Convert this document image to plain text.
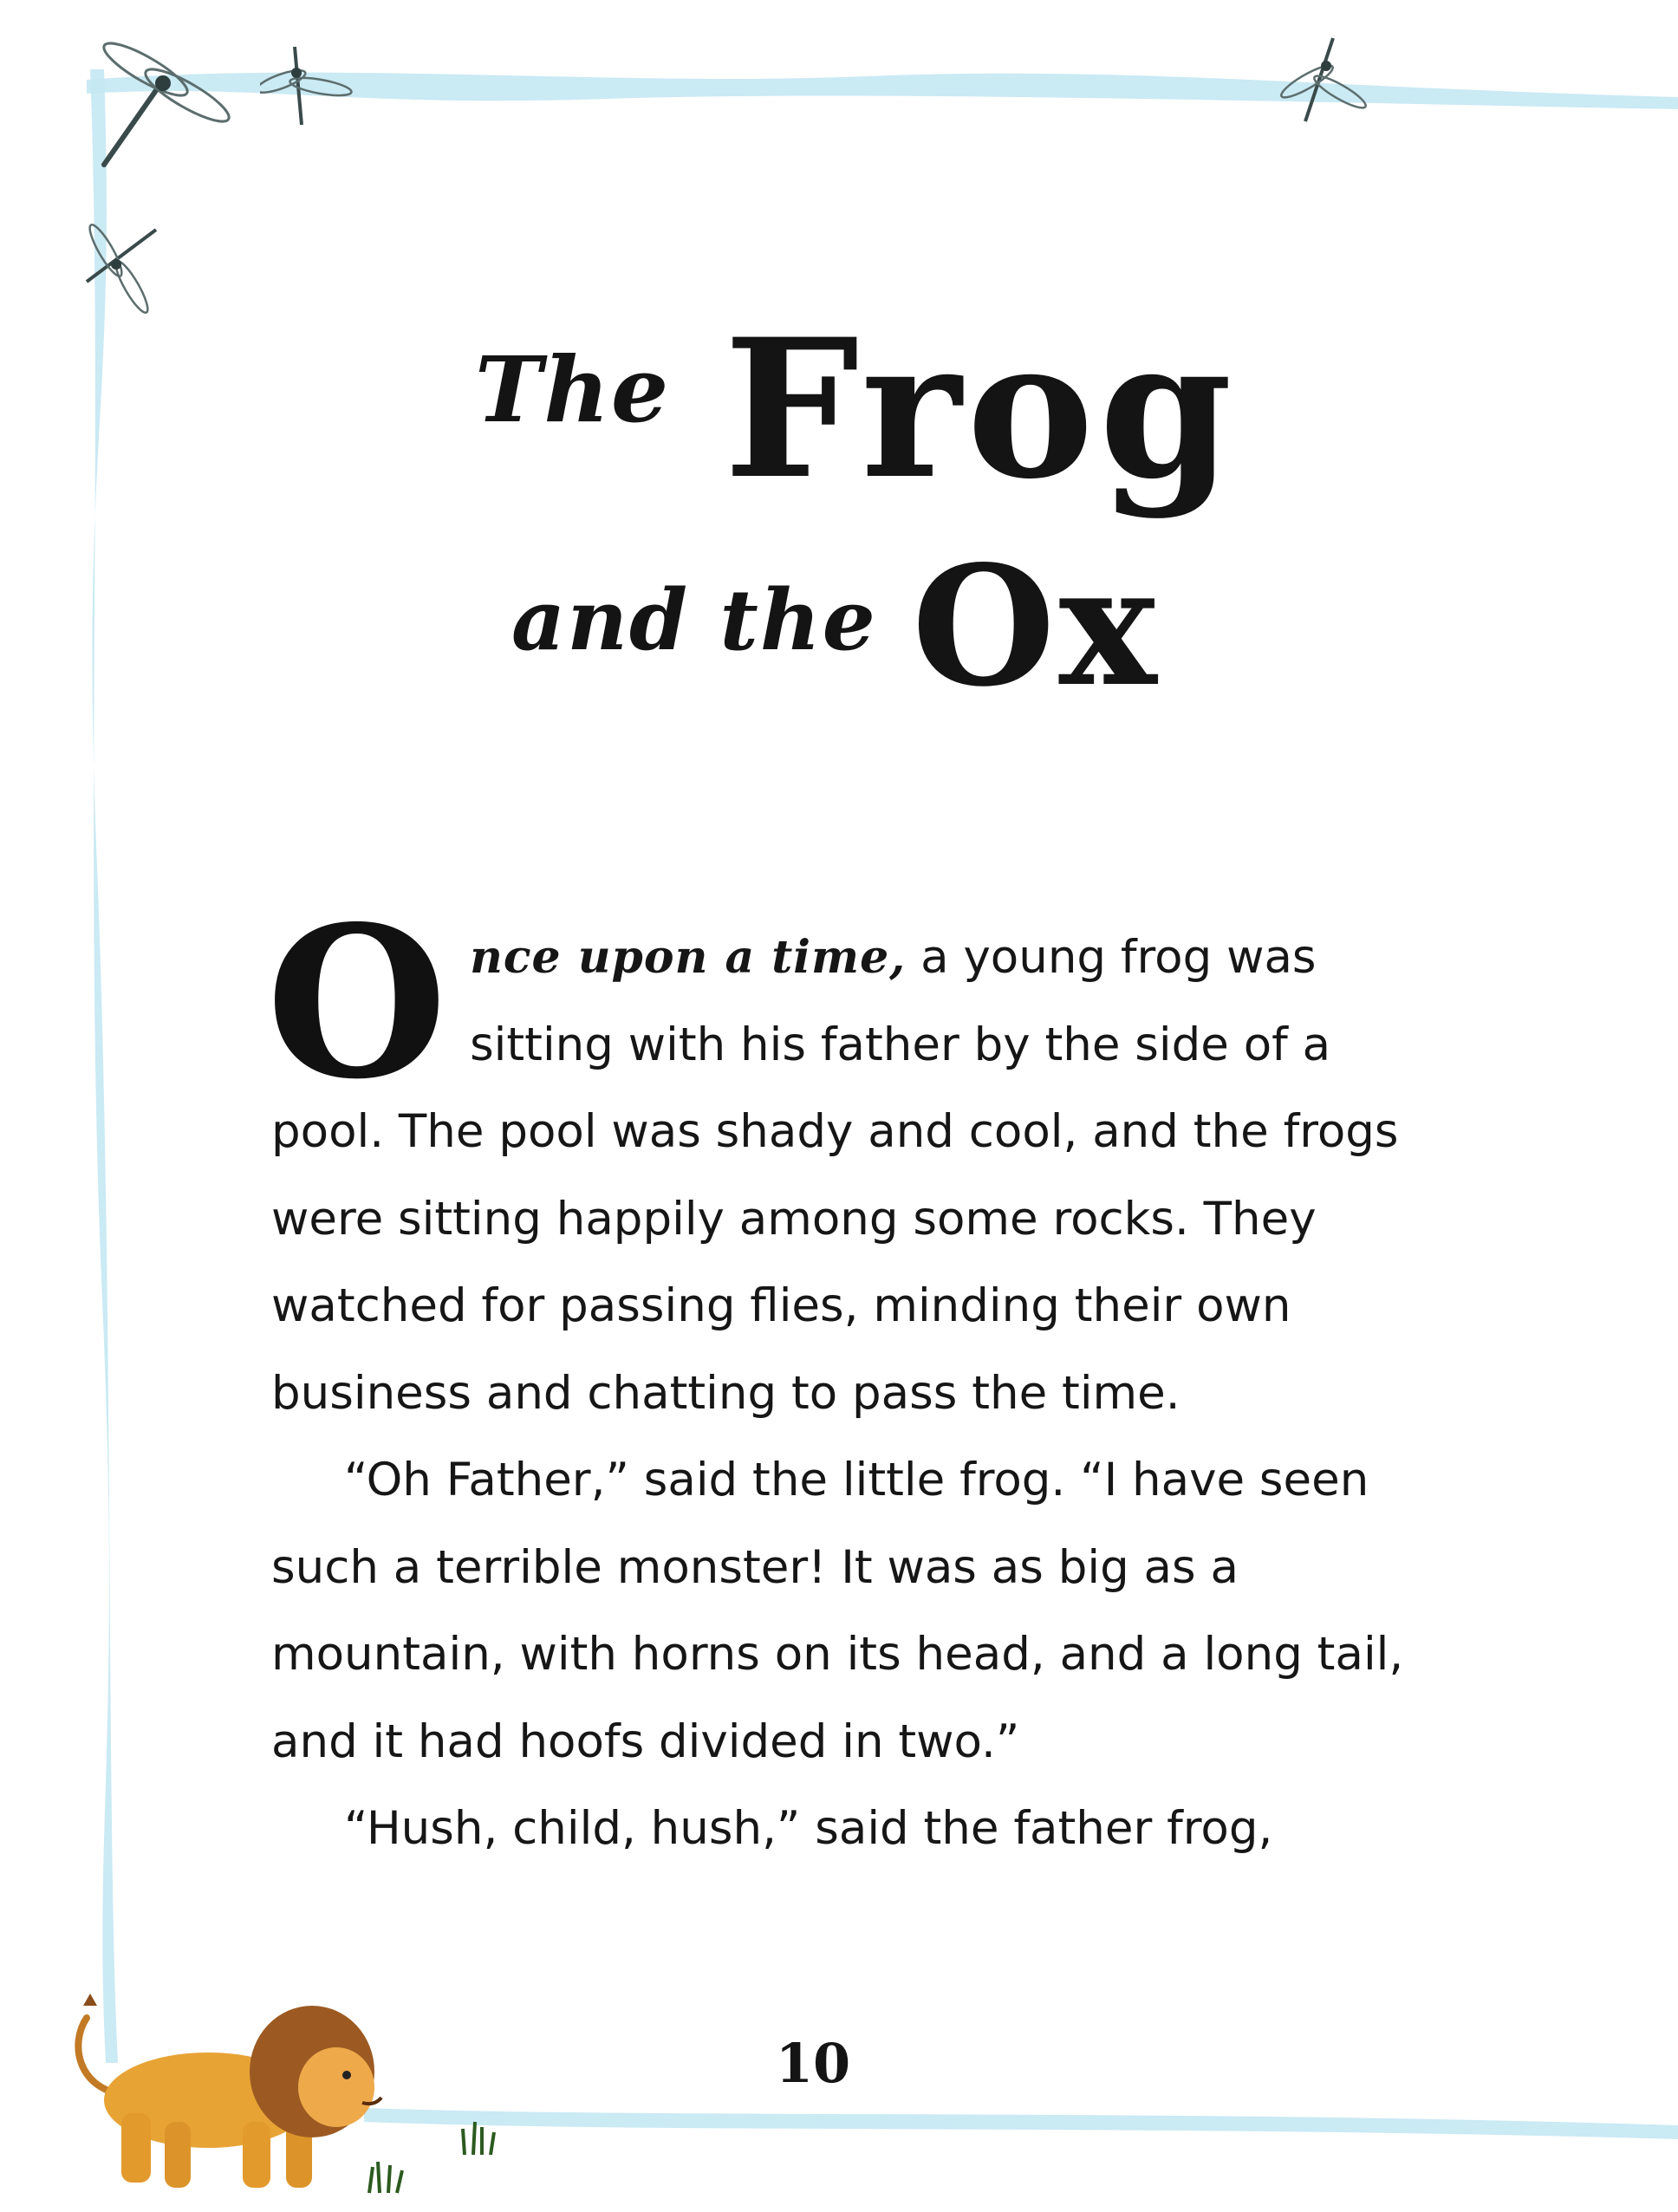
The Frog
and the Ox

Once upon a time, a young frog was sitting with his father by the side of a pool. The pool was shady and cool, and the frogs were sitting happily among some rocks. They watched for passing flies, minding their own business and chatting to pass the time.

“Oh Father,” said the little frog. “I have seen such a terrible monster! It was as big as a mountain, with horns on its head, and a long tail, and it had hoofs divided in two.”

“Hush, child, hush,” said the father frog,

10
